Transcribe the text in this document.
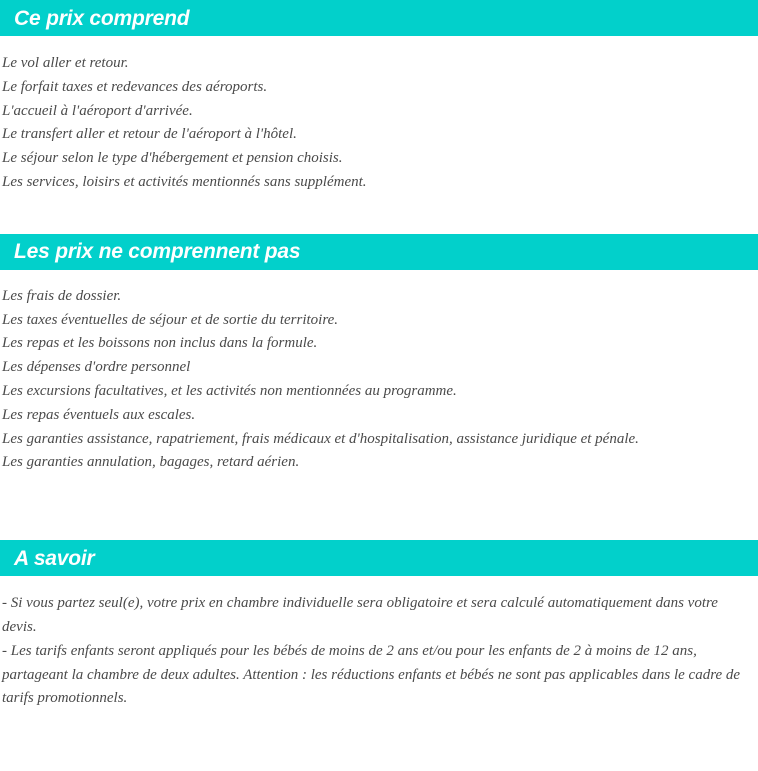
Ce prix comprend
Le vol aller et retour.
Le forfait taxes et redevances des aéroports.
L'accueil à l'aéroport d'arrivée.
Le transfert aller et retour de l'aéroport à l'hôtel.
Le séjour selon le type d'hébergement et pension choisis.
Les services, loisirs et activités mentionnés sans supplément.
Les prix ne comprennent pas
Les frais de dossier.
Les taxes éventuelles de séjour et de sortie du territoire.
Les repas et les boissons non inclus dans la formule.
Les dépenses d'ordre personnel
Les excursions facultatives, et les activités non mentionnées au programme.
Les repas éventuels aux escales.
Les garanties assistance, rapatriement, frais médicaux et d'hospitalisation, assistance juridique et pénale.
Les garanties annulation, bagages, retard aérien.
A savoir
- Si vous partez seul(e), votre prix en chambre individuelle sera obligatoire et sera calculé automatiquement dans votre devis.
- Les tarifs enfants seront appliqués pour les bébés de moins de 2 ans et/ou pour les enfants de 2 à moins de 12 ans, partageant la chambre de deux adultes. Attention : les réductions enfants et bébés ne sont pas applicables dans le cadre de tarifs promotionnels.
